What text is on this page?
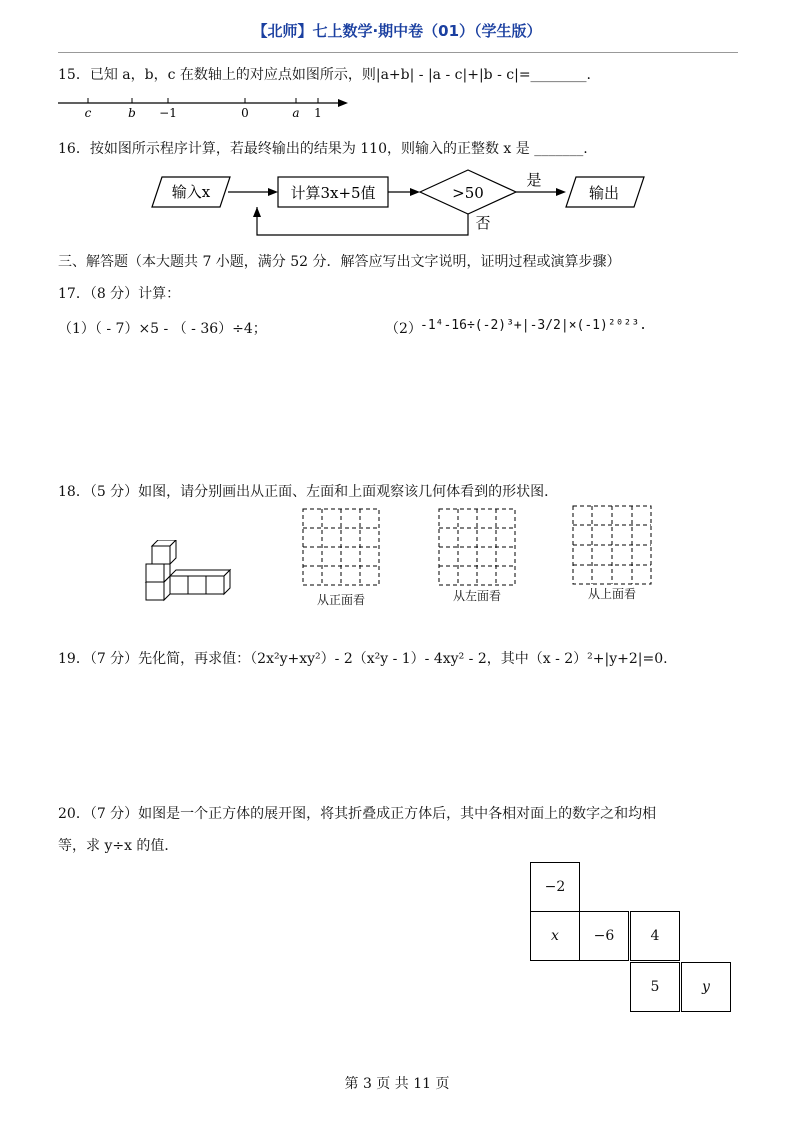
【北师】七上数学·期中卷（01）（学生版）
15．已知 a，b，c 在数轴上的对应点如图所示，则|a+b| - |a - c|+|b - c|=________.
c	b −1	0	a 1
16．按如图所示程序计算，若最终输出的结果为 110，则输入的正整数 x 是 _______.
输入x	计算3x+5值	>50
是
输出
否
三、解答题（本大题共 7 小题，满分 52 分．解答应写出文字说明，证明过程或演算步骤）
17．（8 分）计算：
（1）（ - 7）×5 - （ - 36）÷4；	（2）
-1⁴-16÷(-2)³+|-3/2|×(-1)²⁰²³.
18．（5 分）如图，请分别画出从正面、左面和上面观察该几何体看到的形状图．
从正面看	从左面看	从上面看
19．（7 分）先化简，再求值：（2x²y+xy²）- 2（x²y - 1）- 4xy² - 2，其中（x - 2）²+|y+2|=0.
20．（7 分）如图是一个正方体的展开图，将其折叠成正方体后，其中各相对面上的数字之和均相
等，求 y÷x 的值．
−2
x	−6	4
5	y
第 3 页 共 11 页
